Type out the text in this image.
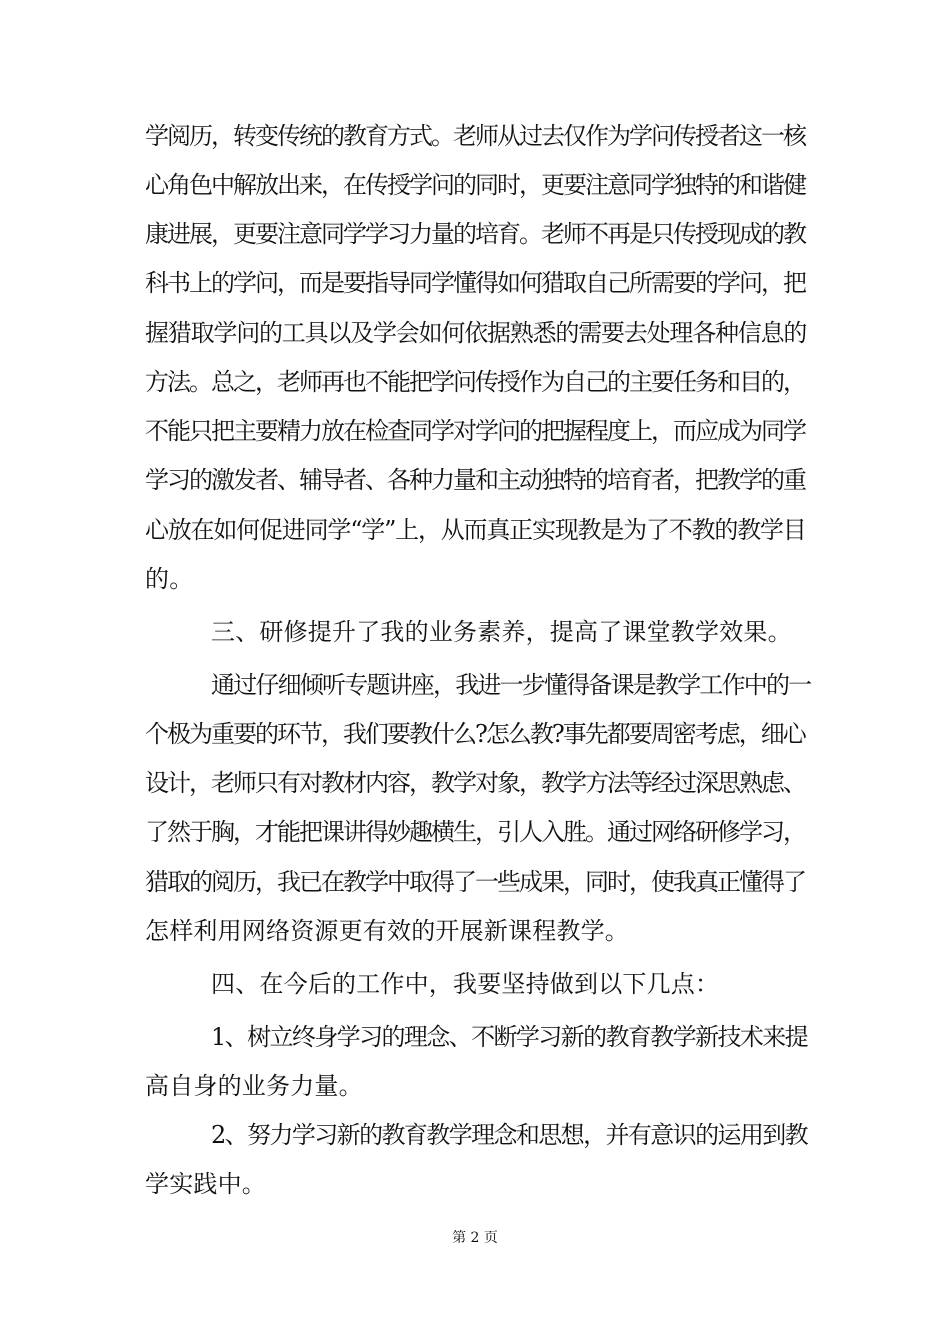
学阅历，转变传统的教育方式。老师从过去仅作为学问传授者这一核
心角色中解放出来，在传授学问的同时，更要注意同学独特的和谐健
康进展，更要注意同学学习力量的培育。老师不再是只传授现成的教
科书上的学问，而是要指导同学懂得如何猎取自己所需要的学问，把
握猎取学问的工具以及学会如何依据熟悉的需要去处理各种信息的
方法。总之，老师再也不能把学问传授作为自己的主要任务和目的，
不能只把主要精力放在检查同学对学问的把握程度上，而应成为同学
学习的激发者、辅导者、各种力量和主动独特的培育者，把教学的重
心放在如何促进同学“学”上，从而真正实现教是为了不教的教学目
的。
三、研修提升了我的业务素养，提高了课堂教学效果。
通过仔细倾听专题讲座，我进一步懂得备课是教学工作中的一
个极为重要的环节，我们要教什么?怎么教?事先都要周密考虑，细心
设计，老师只有对教材内容，教学对象，教学方法等经过深思熟虑、
了然于胸，才能把课讲得妙趣横生，引人入胜。通过网络研修学习，
猎取的阅历，我已在教学中取得了一些成果，同时，使我真正懂得了
怎样利用网络资源更有效的开展新课程教学。
四、在今后的工作中，我要坚持做到以下几点：
1、树立终身学习的理念、不断学习新的教育教学新技术来提
高自身的业务力量。
2、努力学习新的教育教学理念和思想，并有意识的运用到教
学实践中。
第 2 页
